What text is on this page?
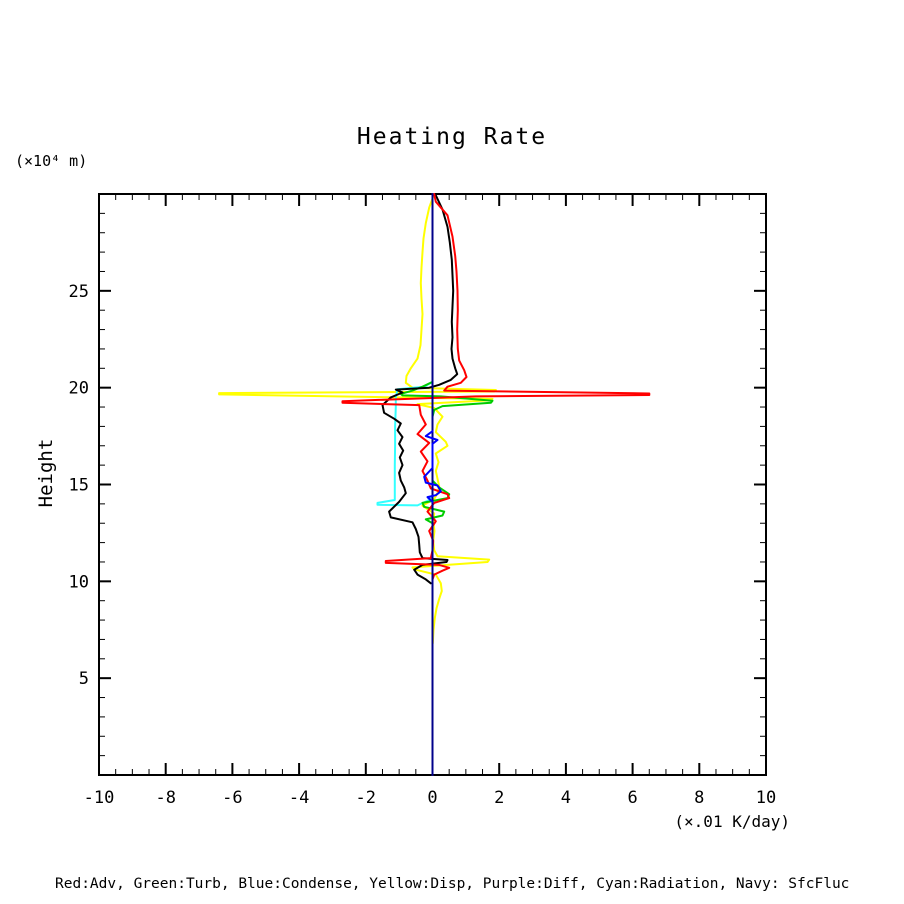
Heating Rate
(×10⁴ m)
Height
-10 -8	-6	-4	-2	0	2	4	6	8	10
5
10
15
20
25
(×.01 K/day)
Red:Adv, Green:Turb, Blue:Condense, Yellow:Disp, Purple:Diff, Cyan:Radiation, Navy: SfcFluc
